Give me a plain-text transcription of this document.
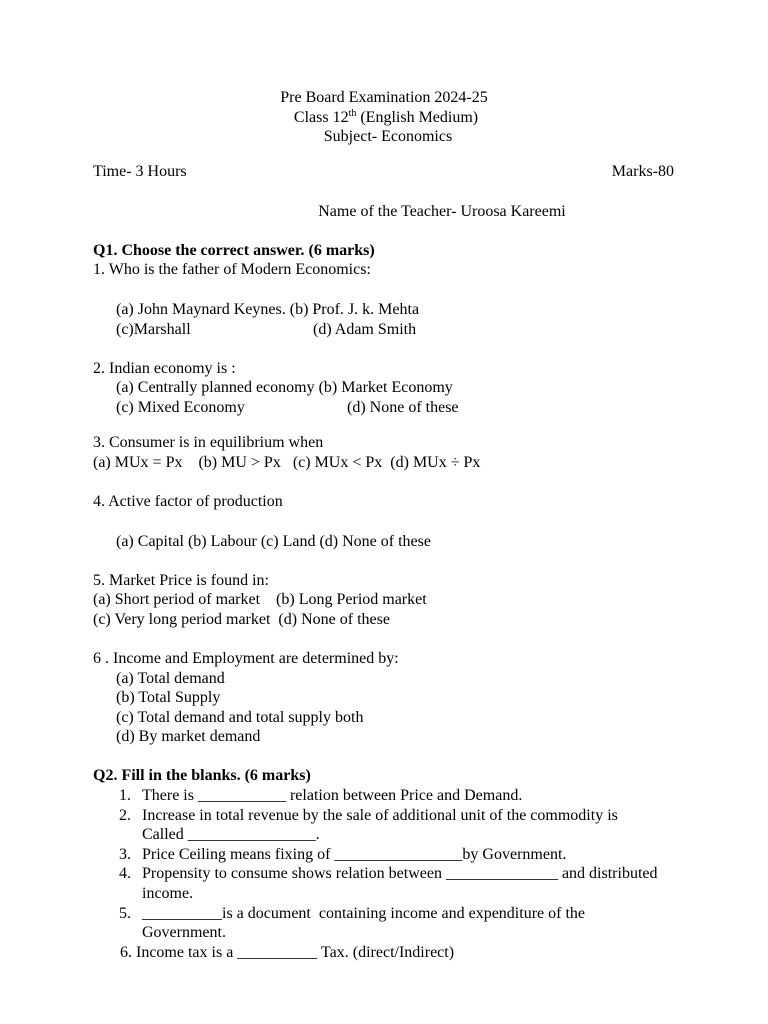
Pre Board Examination 2024-25
Class 12th (English Medium)
Subject- Economics
Time- 3 Hours	Marks-80
Name of the Teacher- Uroosa Kareemi
Q1. Choose the correct answer. (6 marks)
1. Who is the father of Modern Economics:
(a) John Maynard Keynes. (b) Prof. J. k. Mehta
(c)Marshall	(d) Adam Smith
2. Indian economy is :
(a) Centrally planned economy (b) Market Economy
(c) Mixed Economy	(d) None of these
3. Consumer is in equilibrium when
(a) MUx = Px    (b) MU > Px   (c) MUx < Px  (d) MUx ÷ Px
4. Active factor of production
(a) Capital (b) Labour (c) Land (d) None of these
5. Market Price is found in:
(a) Short period of market    (b) Long Period market
(c) Very long period market  (d) None of these
6 . Income and Employment are determined by:
(a) Total demand
(b) Total Supply
(c) Total demand and total supply both
(d) By market demand
Q2. Fill in the blanks. (6 marks)
1. There is ___________ relation between Price and Demand.
2. Increase in total revenue by the sale of additional unit of the commodity is
Called ________________.
3. Price Ceiling means fixing of ________________by Government.
4. Propensity to consume shows relation between ______________ and distributed
income.
5. __________is a document  containing income and expenditure of the
Government.
6. Income tax is a __________ Tax. (direct/Indirect)
